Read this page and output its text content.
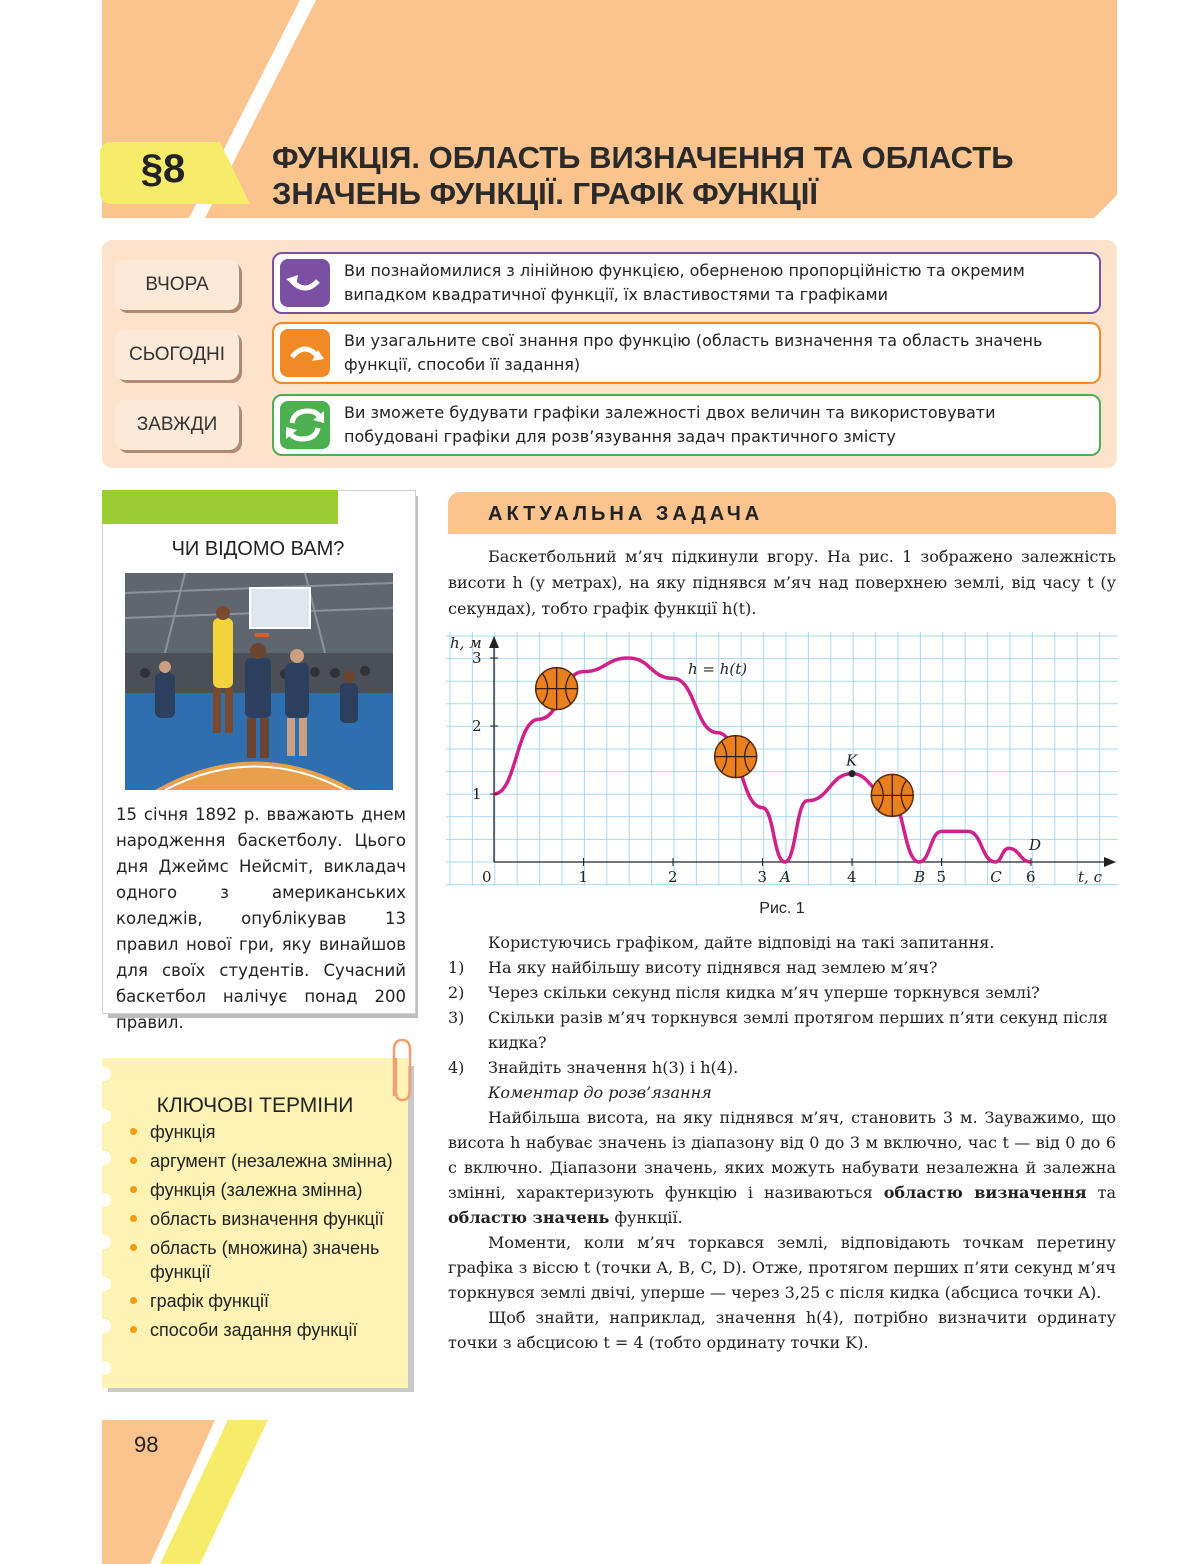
§8	ФУНКЦІЯ. ОБЛАСТЬ ВИЗНАЧЕННЯ ТА ОБЛАСТЬ
ЗНАЧЕНЬ ФУНКЦІЇ. ГРАФІК ФУНКЦІЇ
ВЧОРА
СЬОГОДНІ
ЗАВЖДИ
Ви познайомилися з лінійною функцією, оберненою пропорційністю та окремим випадком квадратичної функції, їх властивостями та графіками
Ви узагальните свої знання про функцію (область визначення та область значень функції, способи її задання)
Ви зможете будувати графіки залежності двох величин та використовувати побудовані графіки для розв’язування задач практичного змісту
ЧИ ВІДОМО ВАМ?
15 січня 1892 р. вважають днем народження баскетболу. Цього дня Джеймс Нейсміт, викладач одного з американських коледжів, опублікував 13 правил нової гри, яку винайшов для своїх студентів. Сучасний баскетбол налічує понад 200 правил.
КЛЮЧОВІ ТЕРМІНИ
функція
аргумент (незалежна змінна)
функція (залежна змінна)
область визначення функції
область (множина) значень функції
графік функції
способи задання функції
98
АКТУАЛЬНА ЗАДАЧА
Баскетбольний м’яч підкинули вгору. На рис. 1 зображено залежність висоти h (у метрах), на яку піднявся м’яч над поверхнею землі, від часу t (у секундах), тобто графік функції h(t).
0	1	2	3	4	5	6
1
2
3
A	B	C
D
K
h, м
t, с
h = h(t)
Рис. 1
Користуючись графіком, дайте відповіді на такі запитання.
1) На яку найбільшу висоту піднявся над землею м’яч?
2) Через скільки секунд після кидка м’яч уперше торкнувся землі?
3) Скільки разів м’яч торкнувся землі протягом перших п’яти секунд після кидка?
4) Знайдіть значення h(3) і h(4).
Коментар до розв’язання
Найбільша висота, на яку піднявся м’яч, становить 3 м. Зауважимо, що висота h набуває значень із діапазону від 0 до 3 м включно, час t — від 0 до 6 с включно. Діапазони значень, яких можуть набувати незалежна й залежна змінні, характеризують функцію і називаються областю визначення та областю значень функції.
Моменти, коли м’яч торкався землі, відповідають точкам перетину графіка з віссю t (точки A, B, C, D). Отже, протягом перших п’яти секунд м’яч торкнувся землі двічі, уперше — через 3,25 с після кидка (абсциса точки A).
Щоб знайти, наприклад, значення h(4), потрібно визначити ординату точки з абсцисою t = 4 (тобто ординату точки K).
